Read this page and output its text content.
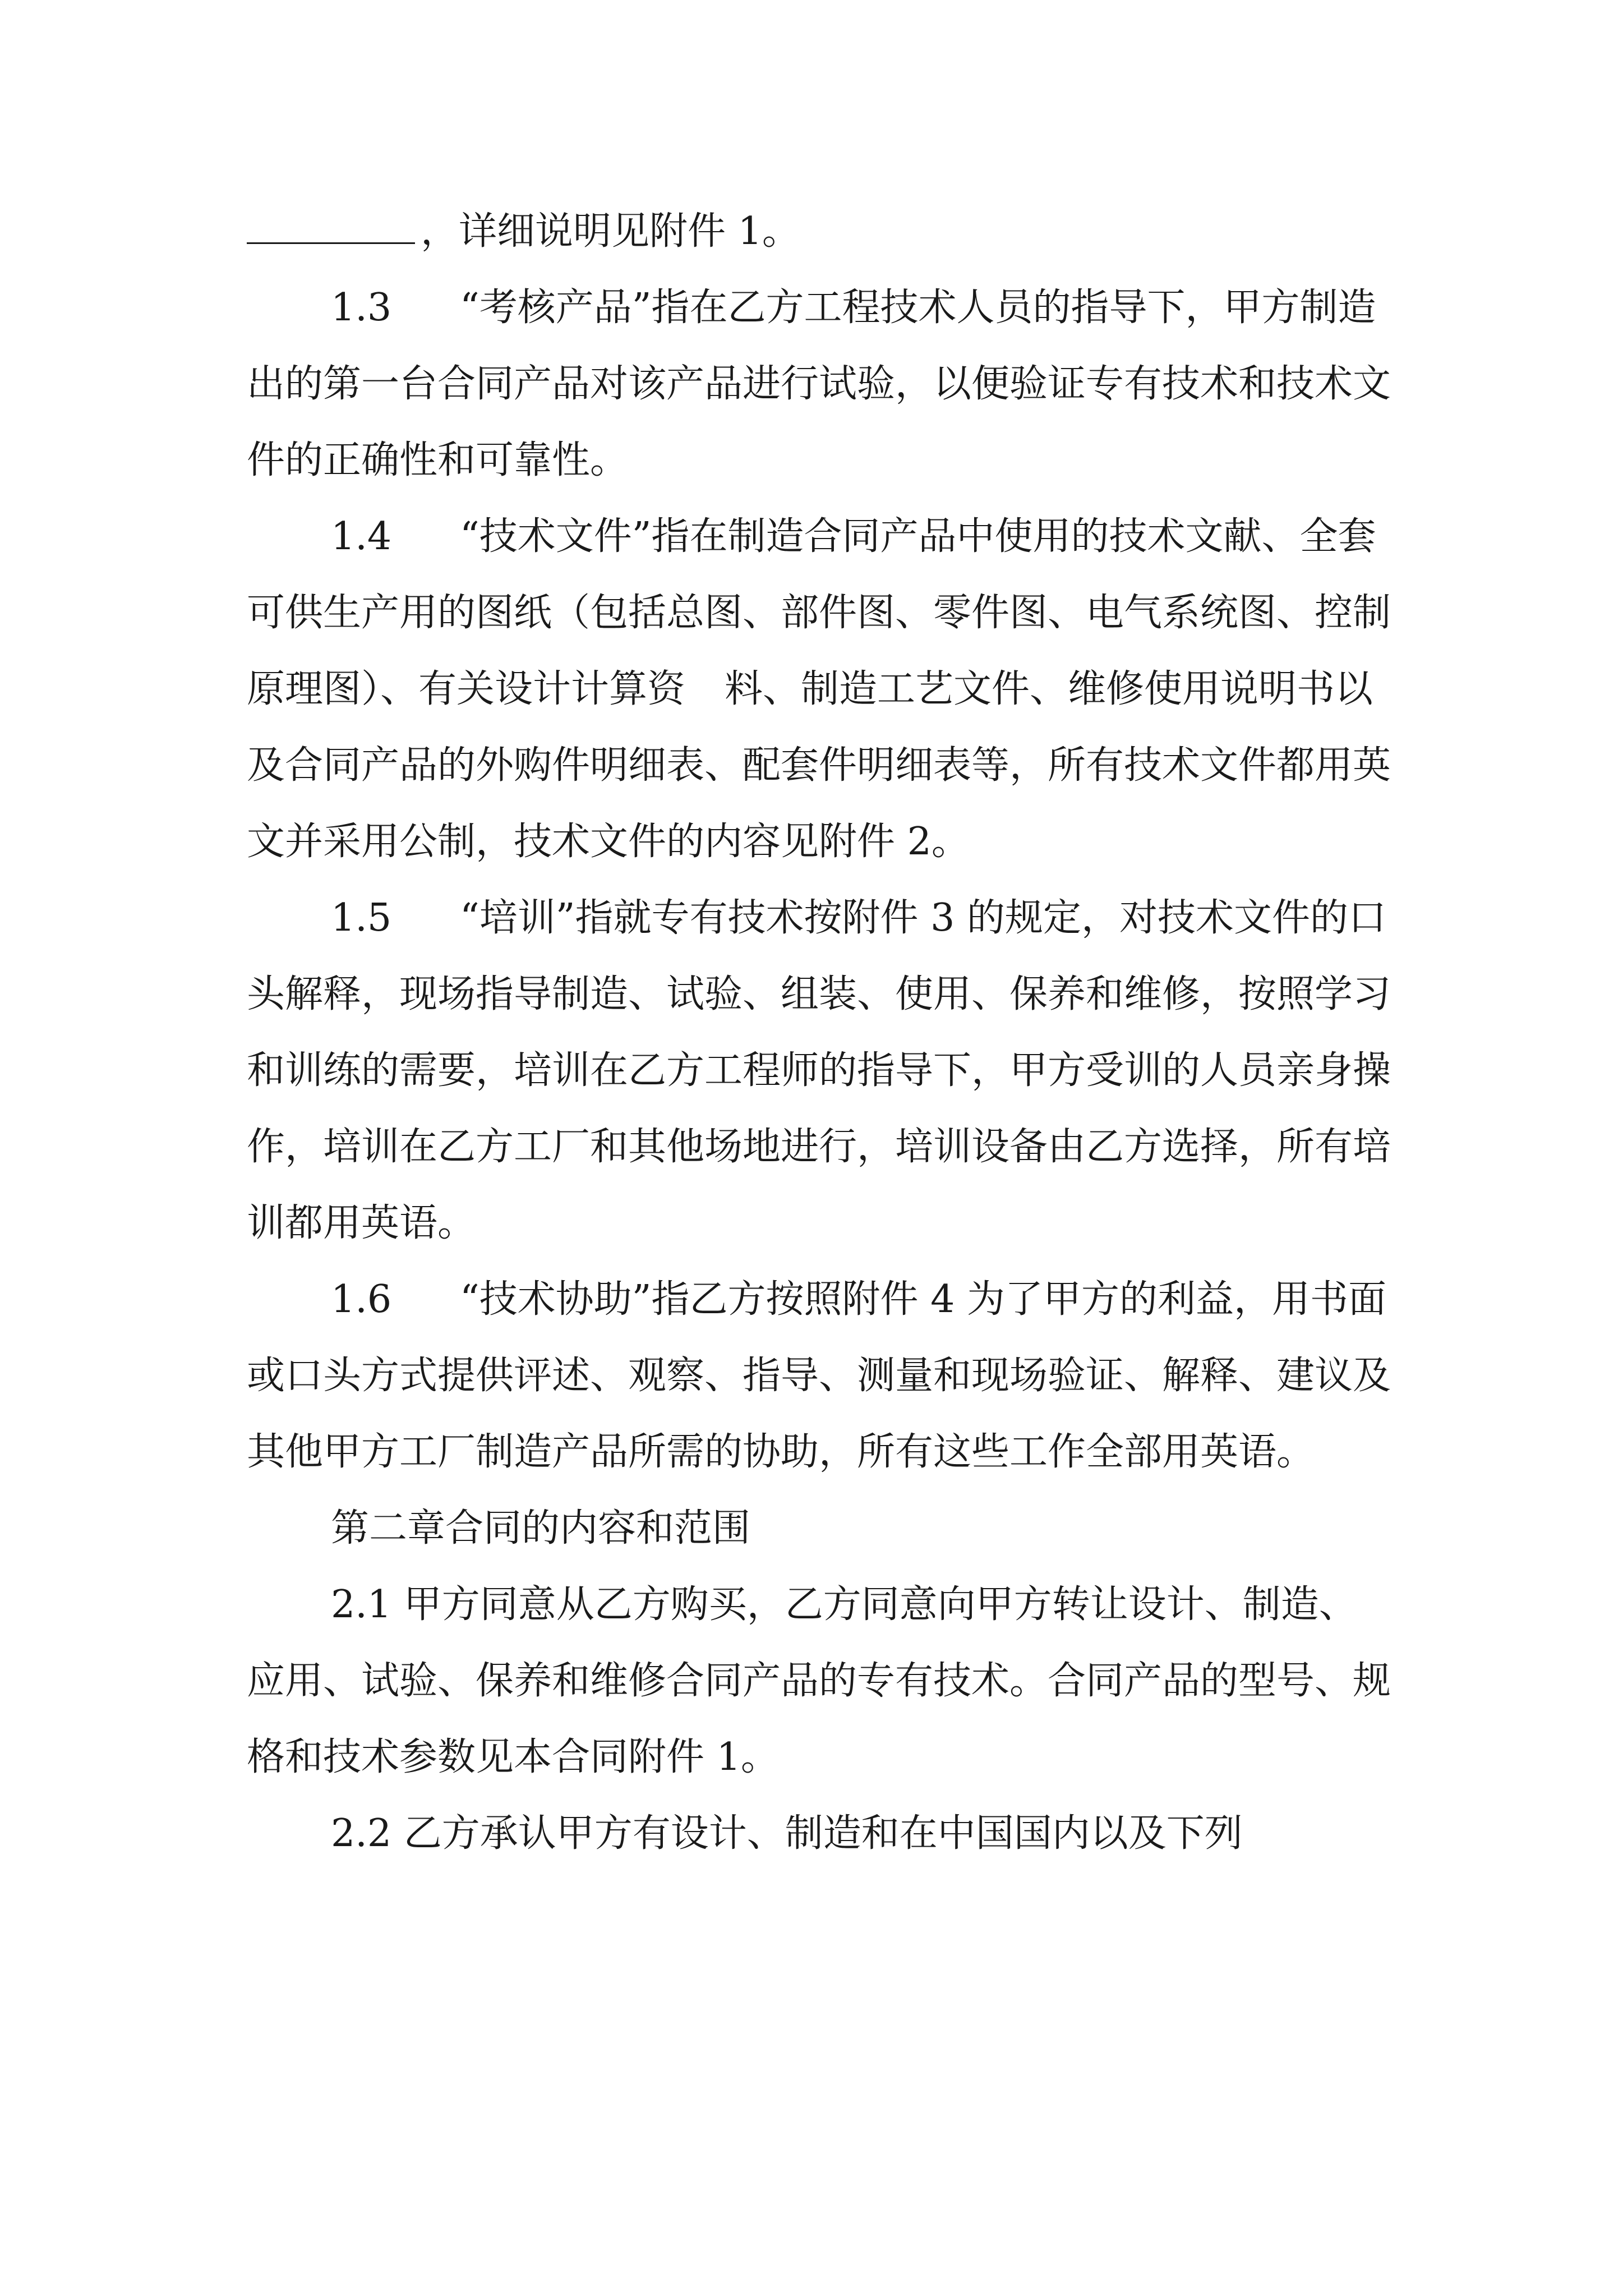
，详细说明见附件 1。

1.3 “考核产品”指在乙方工程技术人员的指导下，甲方制造出的第一台合同产品对该产品进行试验，以便验证专有技术和技术文件的正确性和可靠性。

1.4 “技术文件”指在制造合同产品中使用的技术文献、全套可供生产用的图纸（包括总图、部件图、零件图、电气系统图、控制原理图）、有关设计计算资 料、制造工艺文件、维修使用说明书以及合同产品的外购件明细表、配套件明细表等，所有技术文件都用英文并采用公制，技术文件的内容见附件 2。

1.5 “培训”指就专有技术按附件 3 的规定，对技术文件的口头解释，现场指导制造、试验、组装、使用、保养和维修，按照学习和训练的需要，培训在乙方工程师的指导下，甲方受训的人员亲身操作，培训在乙方工厂和其他场地进行，培训设备由乙方选择，所有培训都用英语。

1.6 “技术协助”指乙方按照附件 4 为了甲方的利益，用书面或口头方式提供评述、观察、指导、测量和现场验证、解释、建议及其他甲方工厂制造产品所需的协助，所有这些工作全部用英语。

第二章合同的内容和范围

2.1 甲方同意从乙方购买，乙方同意向甲方转让设计、制造、应用、试验、保养和维修合同产品的专有技术。合同产品的型号、规格和技术参数见本合同附件 1。

2.2 乙方承认甲方有设计、制造和在中国国内以及下列
